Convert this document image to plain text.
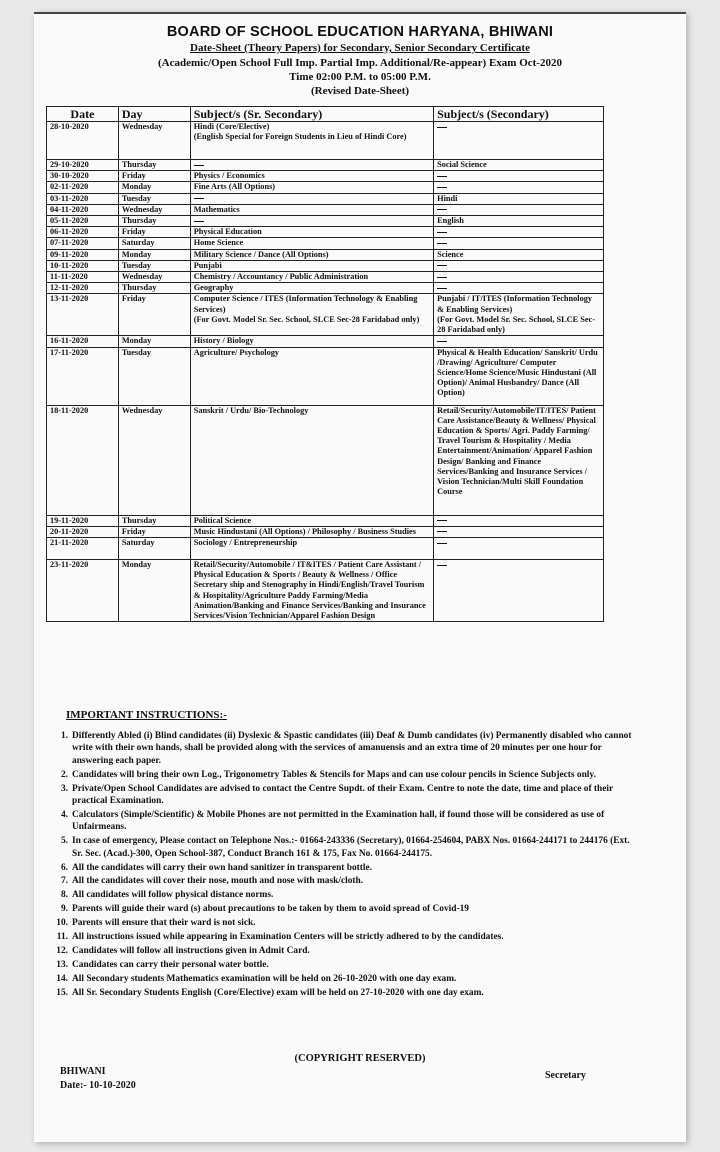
BOARD OF SCHOOL EDUCATION HARYANA, BHIWANI
Date-Sheet (Theory Papers) for Secondary, Senior Secondary Certificate
(Academic/Open School Full Imp. Partial Imp. Additional/Re-appear) Exam Oct-2020
Time 02:00 P.M. to 05:00 P.M.
(Revised Date-Sheet)
Date	Day	Subject/s (Sr. Secondary)	Subject/s (Secondary)
28-10-2020	Wednesday	Hindi (Core/Elective)
(English Special for Foreign Students in Lieu of Hindi Core)	
29-10-2020	Thursday		Social Science
30-10-2020	Friday	Physics / Economics	
02-11-2020	Monday	Fine Arts (All Options)	
03-11-2020	Tuesday		Hindi
04-11-2020	Wednesday	Mathematics	
05-11-2020	Thursday		English
06-11-2020	Friday	Physical Education	
07-11-2020	Saturday	Home Science	
09-11-2020	Monday	Military Science / Dance (All Options)	Science
10-11-2020	Tuesday	Punjabi	
11-11-2020	Wednesday	Chemistry / Accountancy / Public Administration	
12-11-2020	Thursday	Geography	
13-11-2020	Friday	Computer Science / ITES (Information Technology & Enabling Services)
(For Govt. Model Sr. Sec. School, SLCE Sec-28 Faridabad only)	Punjabi / IT/ITES (Information Technology & Enabling Services)
(For Govt. Model Sr. Sec. School, SLCE Sec-28 Faridabad only)
16-11-2020	Monday	History / Biology	
17-11-2020	Tuesday	Agriculture/ Psychology	Physical & Health Education/ Sanskrit/ Urdu /Drawing/ Agriculture/ Computer Science/Home Science/Music Hindustani (All Option)/ Animal Husbandry/ Dance (All Option)
18-11-2020	Wednesday	Sanskrit / Urdu/ Bio-Technology	Retail/Security/Automobile/IT/ITES/ Patient Care Assistance/Beauty & Wellness/ Physical Education & Sports/ Agri. Paddy Farming/ Travel Tourism & Hospitality / Media Entertainment/Animation/ Apparel Fashion Design/ Banking and Finance Services/Banking and Insurance Services / Vision Technician/Multi Skill Foundation Course
19-11-2020	Thursday	Political Science	
20-11-2020	Friday	Music Hindustani (All Options) / Philosophy / Business Studies	
21-11-2020	Saturday	Sociology / Entrepreneurship	
23-11-2020	Monday	Retail/Security/Automobile / IT&ITES / Patient Care Assistant / Physical Education & Sports / Beauty & Wellness / Office Secretary ship and Stenography in Hindi/English/Travel Tourism & Hospitality/Agriculture Paddy Farming/Media Animation/Banking and Finance Services/Banking and Insurance Services/Vision Technician/Apparel Fashion Design	
IMPORTANT INSTRUCTIONS:-
1. Differently Abled (i) Blind candidates (ii) Dyslexic & Spastic candidates (iii) Deaf & Dumb candidates (iv) Permanently disabled who cannot write with their own hands, shall be provided along with the services of amanuensis and an extra time of 20 minutes per one hour for answering each paper.
2. Candidates will bring their own Log., Trigonometry Tables & Stencils for Maps and can use colour pencils in Science Subjects only.
3. Private/Open School Candidates are advised to contact the Centre Supdt. of their Exam. Centre to note the date, time and place of their practical Examination.
4. Calculators (Simple/Scientific) & Mobile Phones are not permitted in the Examination hall, if found those will be considered as use of Unfairmeans.
5. In case of emergency, Please contact on Telephone Nos.:- 01664-243336 (Secretary), 01664-254604, PABX Nos. 01664-244171 to 244176 (Ext. Sr. Sec. (Acad.)-300, Open School-387, Conduct Branch 161 & 175, Fax No. 01664-244175.
6. All the candidates will carry their own hand sanitizer in transparent bottle.
7. All the candidates will cover their nose, mouth and nose with mask/cloth.
8. All candidates will follow physical distance norms.
9. Parents will guide their ward (s) about precautions to be taken by them to avoid spread of Covid-19
10. Parents will ensure that their ward is not sick.
11. All instructions issued while appearing in Examination Centers will be strictly adhered to by the candidates.
12. Candidates will follow all instructions given in Admit Card.
13. Candidates can carry their personal water bottle.
14. All Secondary students Mathematics examination will be held on 26-10-2020 with one day exam.
15. All Sr. Secondary Students English (Core/Elective) exam will be held on 27-10-2020 with one day exam.
(COPYRIGHT RESERVED)
BHIWANI
Date:- 10-10-2020
Secretary
